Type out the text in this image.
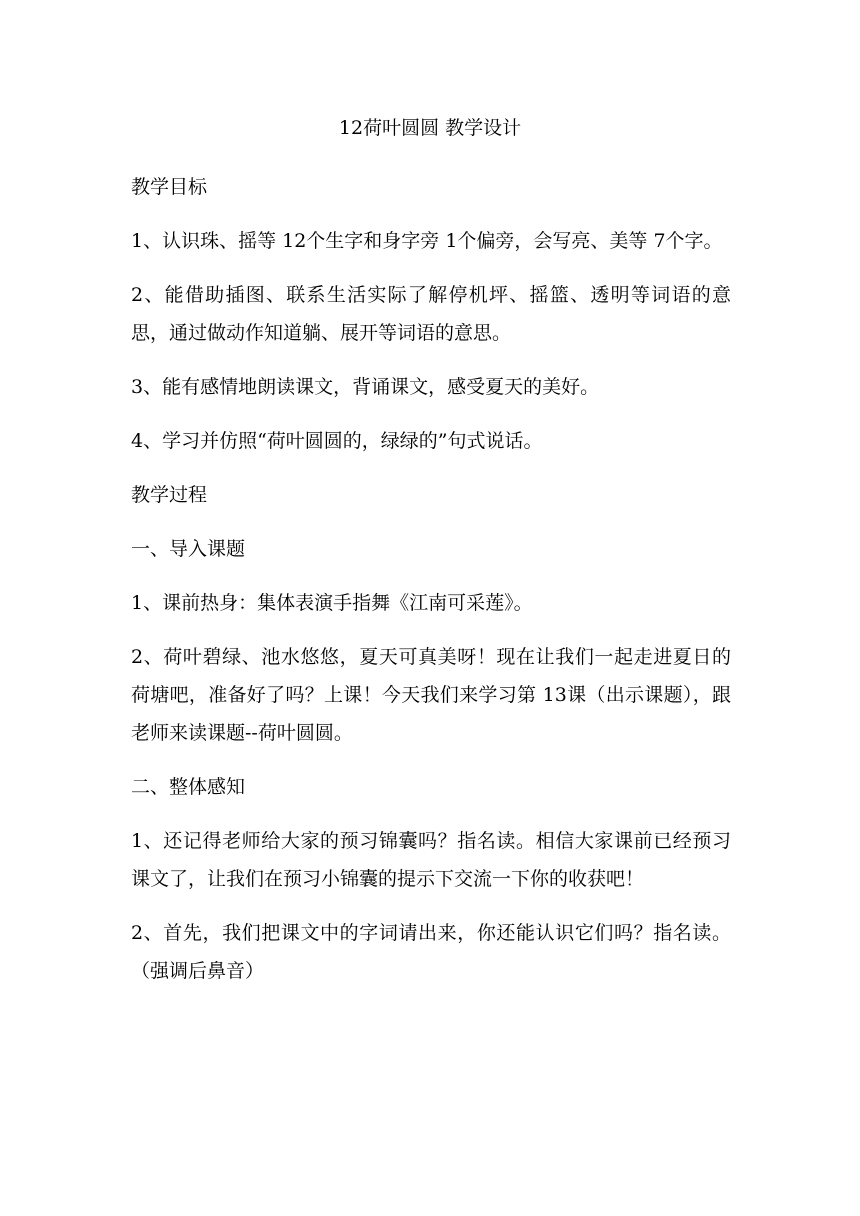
12荷叶圆圆 教学设计

教学目标

1、认识珠、摇等 12个生字和身字旁 1个偏旁，会写亮、美等 7个字。

2、能借助插图、联系生活实际了解停机坪、摇篮、透明等词语的意思，通过做动作知道躺、展开等词语的意思。

3、能有感情地朗读课文，背诵课文，感受夏天的美好。

4、学习并仿照“荷叶圆圆的，绿绿的”句式说话。

教学过程

一、导入课题

1、课前热身：集体表演手指舞《江南可采莲》。

2、荷叶碧绿、池水悠悠，夏天可真美呀！现在让我们一起走进夏日的荷塘吧，准备好了吗？上课！今天我们来学习第 13课（出示课题），跟老师来读课题--荷叶圆圆。

二、整体感知

1、还记得老师给大家的预习锦囊吗？指名读。相信大家课前已经预习课文了，让我们在预习小锦囊的提示下交流一下你的收获吧！

2、首先，我们把课文中的字词请出来，你还能认识它们吗？指名读。（强调后鼻音）
